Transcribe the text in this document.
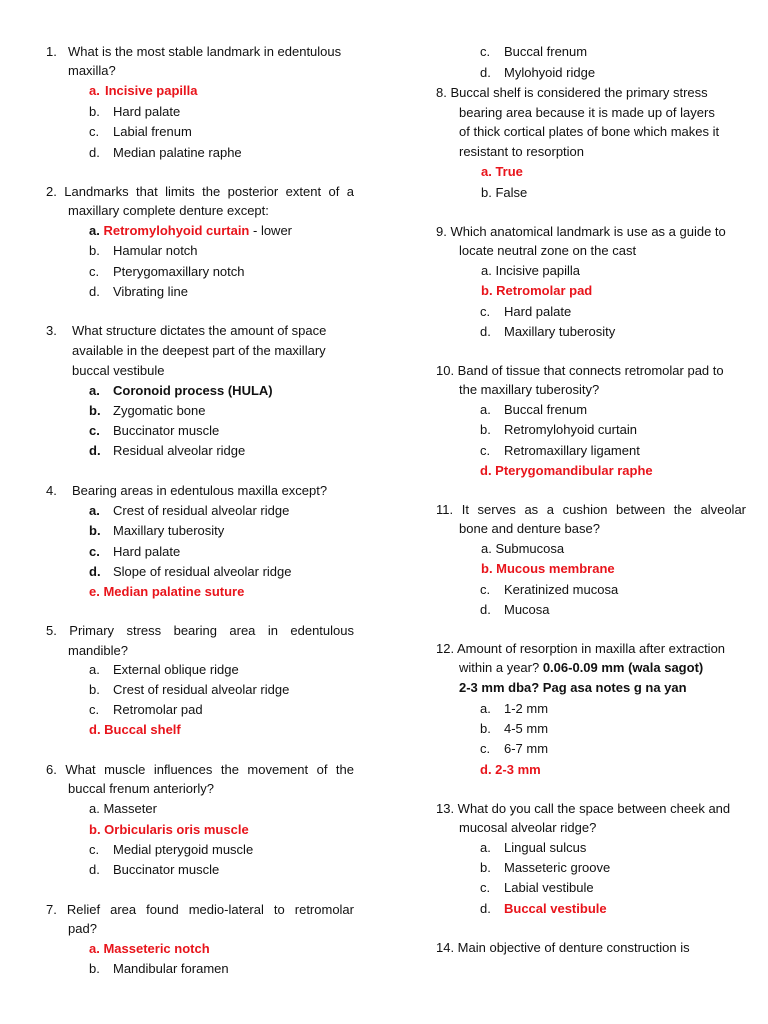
1. What is the most stable landmark in edentulous
maxilla?
a. Incisive papilla
b. Hard palate
c. Labial frenum
d. Median palatine raphe
2. Landmarks that limits the posterior extent of a
maxillary complete denture except:
a. Retromylohyoid curtain - lower
b. Hamular notch
c. Pterygomaxillary notch
d. Vibrating line
3. What structure dictates the amount of space
available in the deepest part of the maxillary
buccal vestibule
a. Coronoid process (HULA)
b. Zygomatic bone
c. Buccinator muscle
d. Residual alveolar ridge
4. Bearing areas in edentulous maxilla except?
a. Crest of residual alveolar ridge
b. Maxillary tuberosity
c. Hard palate
d. Slope of residual alveolar ridge
e. Median palatine suture
5. Primary stress bearing area in edentulous
mandible?
a. External oblique ridge
b. Crest of residual alveolar ridge
c. Retromolar pad
d. Buccal shelf
6. What muscle influences the movement of the
buccal frenum anteriorly?
a. Masseter
b. Orbicularis oris muscle
c. Medial pterygoid muscle
d. Buccinator muscle
7. Relief area found medio-lateral to retromolar
pad?
a. Masseteric notch
b. Mandibular foramen
c. Buccal frenum
d. Mylohyoid ridge
8. Buccal shelf is considered the primary stress
bearing area because it is made up of layers
of thick cortical plates of bone which makes it
resistant to resorption
a. True
b. False
9. Which anatomical landmark is use as a guide to
locate neutral zone on the cast
a. Incisive papilla
b. Retromolar pad
c. Hard palate
d. Maxillary tuberosity
10. Band of tissue that connects retromolar pad to
the maxillary tuberosity?
a. Buccal frenum
b. Retromylohyoid curtain
c. Retromaxillary ligament
d. Pterygomandibular raphe
11. It serves as a cushion between the alveolar
bone and denture base?
a. Submucosa
b. Mucous membrane
c. Keratinized mucosa
d. Mucosa
12. Amount of resorption in maxilla after extraction
within a year? 0.06-0.09 mm (wala sagot)
2-3 mm dba? Pag asa notes g na yan
a. 1-2 mm
b. 4-5 mm
c. 6-7 mm
d. 2-3 mm
13. What do you call the space between cheek and
mucosal alveolar ridge?
a. Lingual sulcus
b. Masseteric groove
c. Labial vestibule
d. Buccal vestibule
14. Main objective of denture construction is
